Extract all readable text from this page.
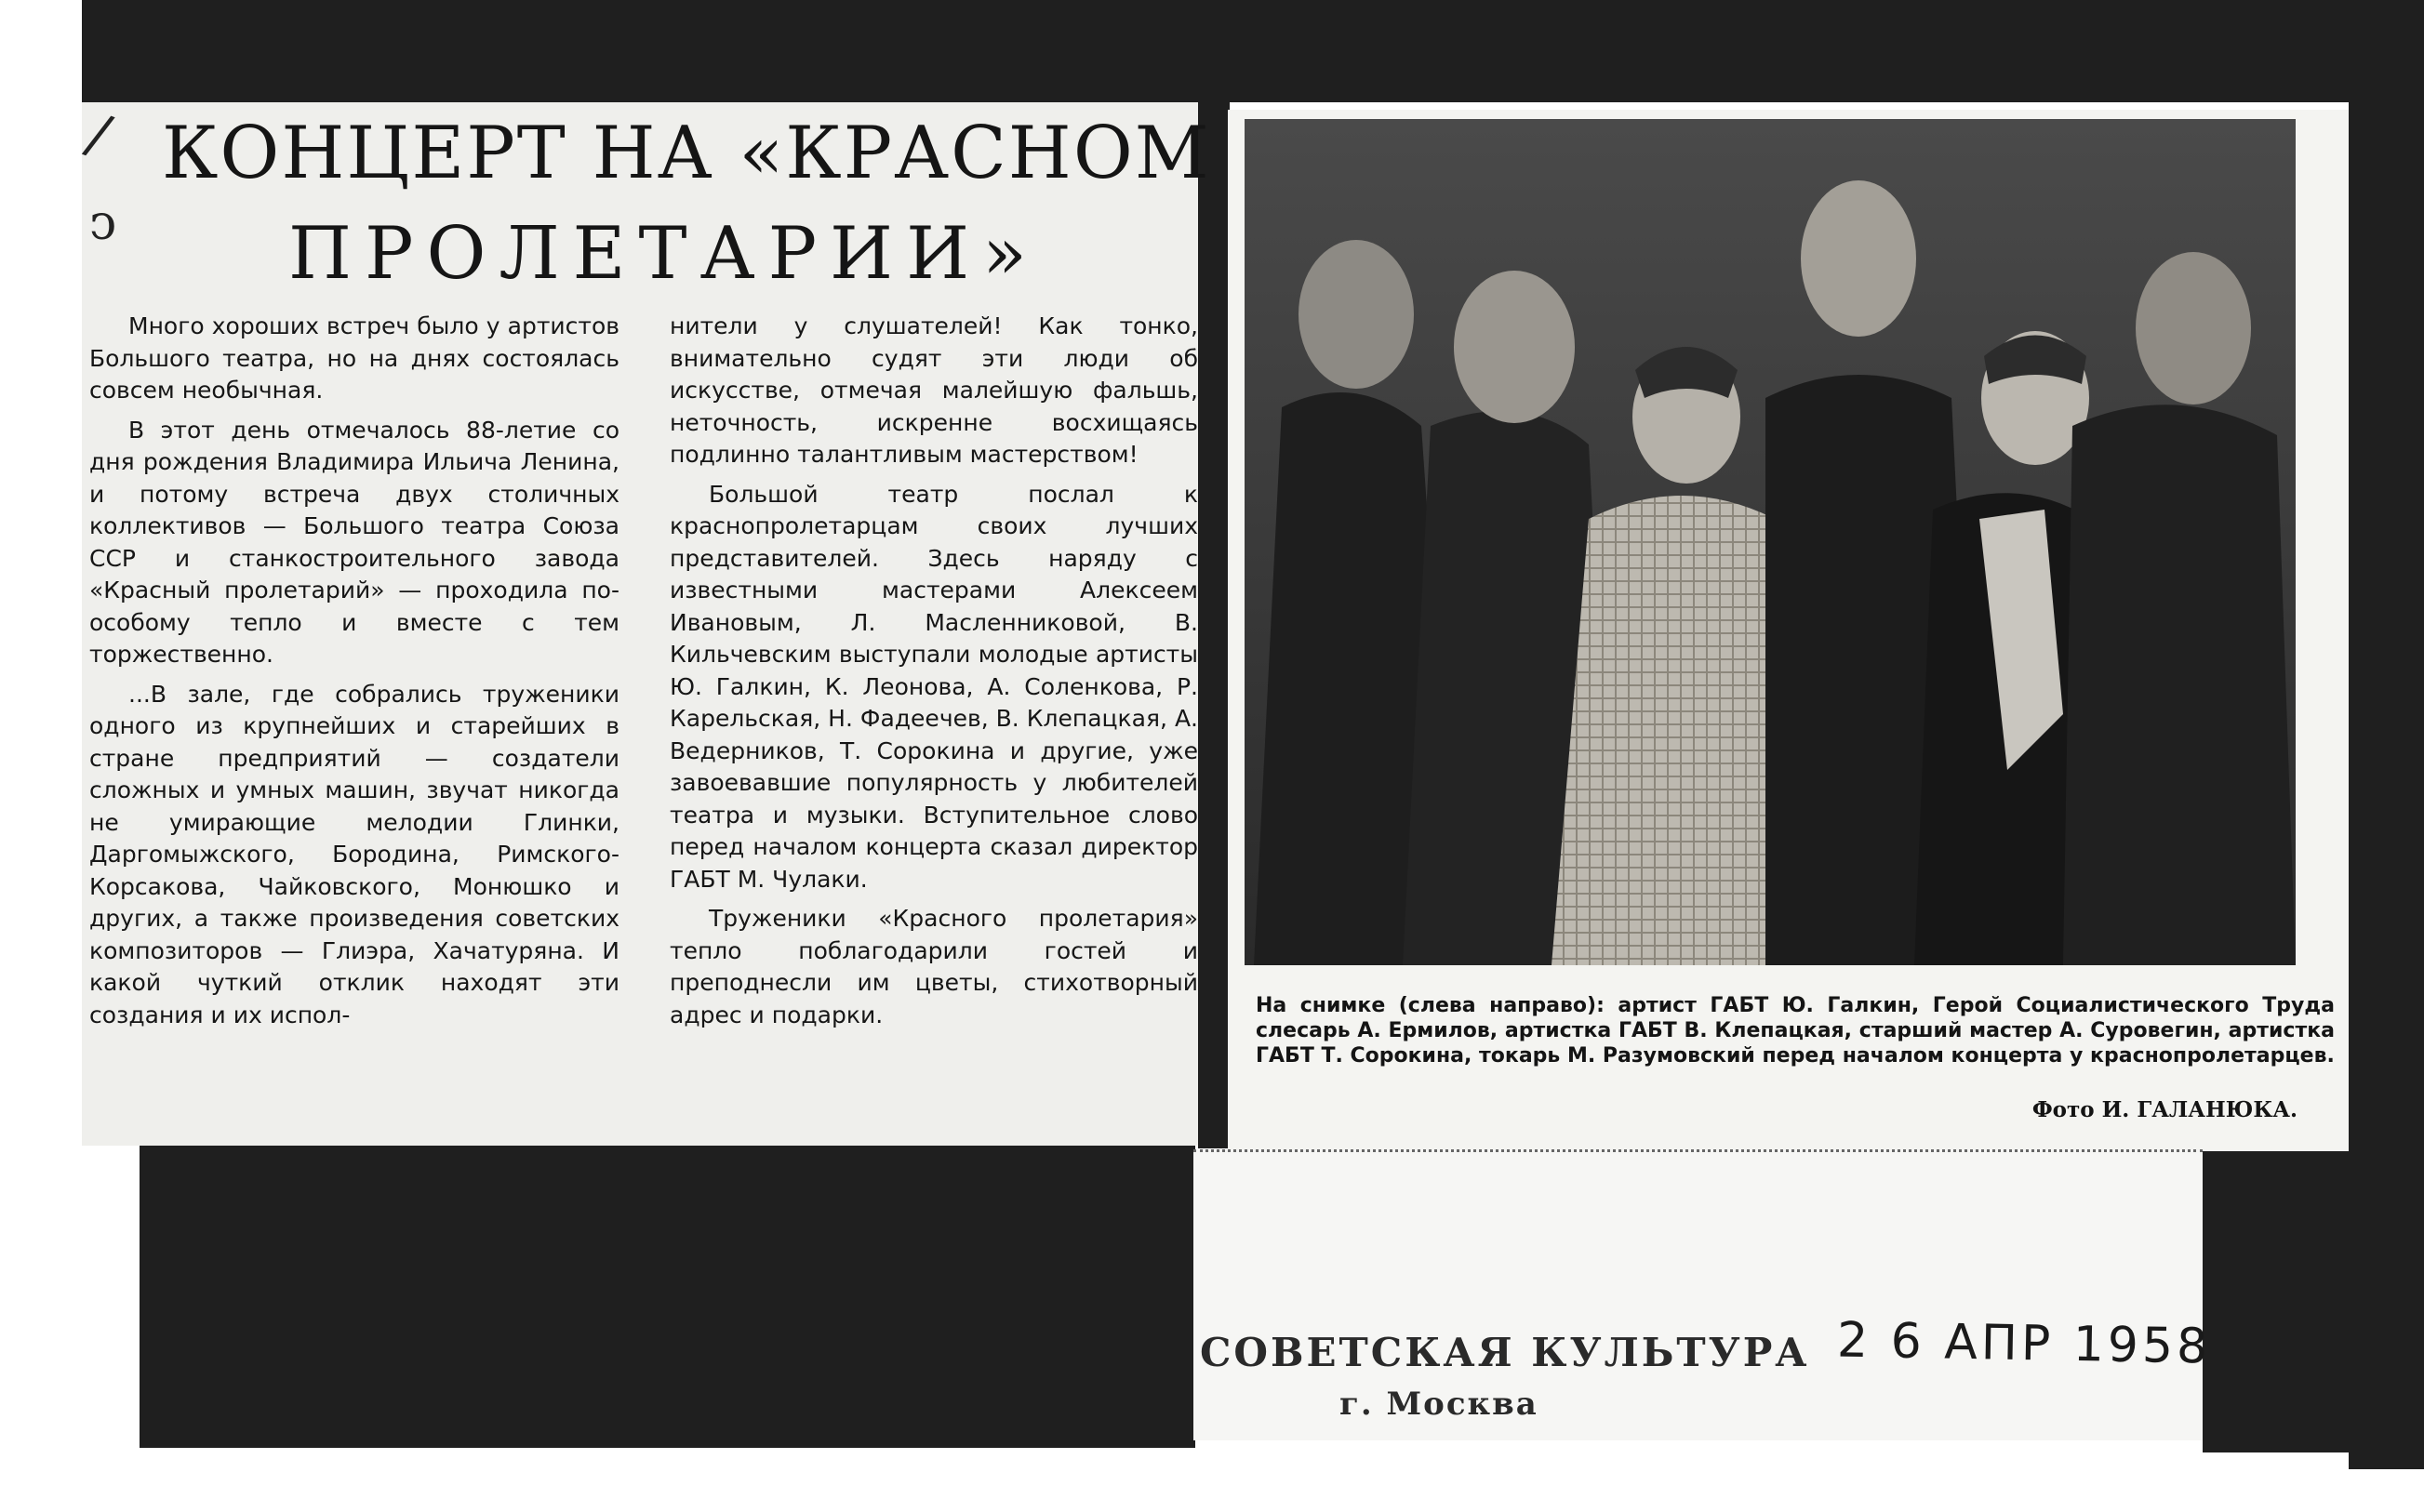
/
ↄ
КОНЦЕРТ НА «КРАСНОМ
ПРОЛЕТАРИИ»

Много хороших встреч было у артистов Большого театра, но на днях состоялась совсем необычная.

В этот день отмечалось 88-летие со дня рождения Владимира Ильича Ленина, и потому встреча двух столичных коллективов — Большого театра Союза ССР и станкостроительного завода «Красный пролетарий» — проходила по-особому тепло и вместе с тем торжественно.

...В зале, где собрались труженики одного из крупнейших и старейших в стране предприятий — создатели сложных и умных машин, звучат никогда не умирающие мелодии Глинки, Даргомыжского, Бородина, Римского-Корсакова, Чайковского, Монюшко и других, а также произведения советских композиторов — Глиэра, Хачатуряна. И какой чуткий отклик находят эти создания и их испол-

нители у слушателей! Как тонко, внимательно судят эти люди об искусстве, отмечая малейшую фальшь, неточность, искренне восхищаясь подлинно талантливым мастерством!

Большой театр послал к краснопролетарцам своих лучших представителей. Здесь наряду с известными мастерами Алексеем Ивановым, Л. Масленниковой, В. Кильчевским выступали молодые артисты Ю. Галкин, К. Леонова, А. Соленкова, Р. Карельская, Н. Фадеечев, В. Клепацкая, А. Ведерников, Т. Сорокина и другие, уже завоевавшие популярность у любителей театра и музыки. Вступительное слово перед началом концерта сказал директор ГАБТ М. Чулаки.

Труженики «Красного пролетария» тепло поблагодарили гостей и преподнесли им цветы, стихотворный адрес и подарки.	На снимке (слева направо): артист ГАБТ Ю. Галкин, Герой Социалистического Труда слесарь А. Ермилов, артистка ГАБТ В. Клепацкая, старший мастер А. Суровегин, артистка ГАБТ Т. Сорокина, токарь М. Разумовский перед началом концерта у краснопролетарцев.
Фото И. ГАЛАНЮКА.
СОВЕТСКАЯ КУЛЬТУРА
г. Москва
2 6 АПР 1958
